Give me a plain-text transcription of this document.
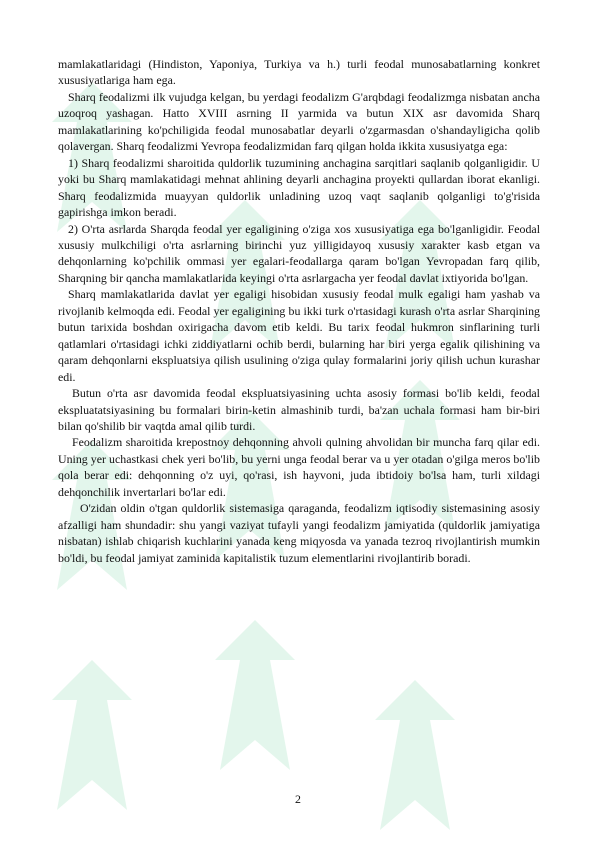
mamlakatlaridagi (Hindiston, Yaponiya, Turkiya va h.) turli feodal munosabatlarning konkret xususiyatlariga ham ega.

Sharq feodalizmi ilk vujudga kelgan, bu yerdagi feodalizm G'arqbdagi feodalizmga nisbatan ancha uzoqroq yashagan. Hatto XVIII asrning II yarmida va butun XIX asr davomida Sharq mamlakatlarining ko'pchiligida feodal munosabatlar deyarli o'zgarmasdan o'shandayligicha qolib qolavergan. Sharq feodalizmi Yevropa feodalizmidan farq qilgan holda ikkita xususiyatga ega:

1) Sharq feodalizmi sharoitida quldorlik tuzumining anchagina sarqitlari saqlanib qolganligidir. U yoki bu Sharq mamlakatidagi mehnat ahlining deyarli anchagina proyekti qullardan iborat ekanligi. Sharq feodalizmida muayyan quldorlik unladining uzoq vaqt saqlanib qolganligi to'g'risida gapirishga imkon beradi.

2) O'rta asrlarda Sharqda feodal yer egaligining o'ziga xos xususiyatiga ega bo'lganligidir. Feodal xususiy mulkchiligi o'rta asrlarning birinchi yuz yilligidayoq xususiy xarakter kasb etgan va dehqonlarning ko'pchilik ommasi yer egalari-feodallarga qaram bo'lgan Yevropadan farq qilib, Sharqning bir qancha mamlakatlarida keyingi o'rta asrlargacha yer feodal davlat ixtiyorida bo'lgan.

Sharq mamlakatlarida davlat yer egaligi hisobidan xususiy feodal mulk egaligi ham yashab va rivojlanib kelmoqda edi. Feodal yer egaligining bu ikki turk o'rtasidagi kurash o'rta asrlar Sharqining butun tarixida boshdan oxirigacha davom etib keldi. Bu tarix feodal hukmron sinflarining turli qatlamlari o'rtasidagi ichki ziddiyatlarni ochib berdi, bularning har biri yerga egalik qilishining va qaram dehqonlarni ekspluatsiya qilish usulining o'ziga qulay formalarini joriy qilish uchun kurashar edi.

Butun o'rta asr davomida feodal ekspluatsiyasining uchta asosiy formasi bo'lib keldi, feodal ekspluatatsiyasining bu formalari birin-ketin almashinib turdi, ba'zan uchala formasi ham bir-biri bilan qo'shilib bir vaqtda amal qilib turdi.

Feodalizm sharoitida krepostnoy dehqonning ahvoli qulning ahvolidan bir muncha farq qilar edi. Uning yer uchastkasi chek yeri bo'lib, bu yerni unga feodal berar va u yer otadan o'gilga meros bo'lib qola berar edi: dehqonning o'z uyi, qo'rasi, ish hayvoni, juda ibtidoiy bo'lsa ham, turli xildagi dehqonchilik invertarlari bo'lar edi.

O'zidan oldin o'tgan quldorlik sistemasiga qaraganda, feodalizm iqtisodiy sistemasining asosiy afzalligi ham shundadir: shu yangi vaziyat tufayli yangi feodalizm jamiyatida (quldorlik jamiyatiga nisbatan) ishlab chiqarish kuchlarini yanada keng miqyosda va yanada tezroq rivojlantirish mumkin bo'ldi, bu feodal jamiyat zaminida kapitalistik tuzum elementlarini rivojlantirib boradi.

2
